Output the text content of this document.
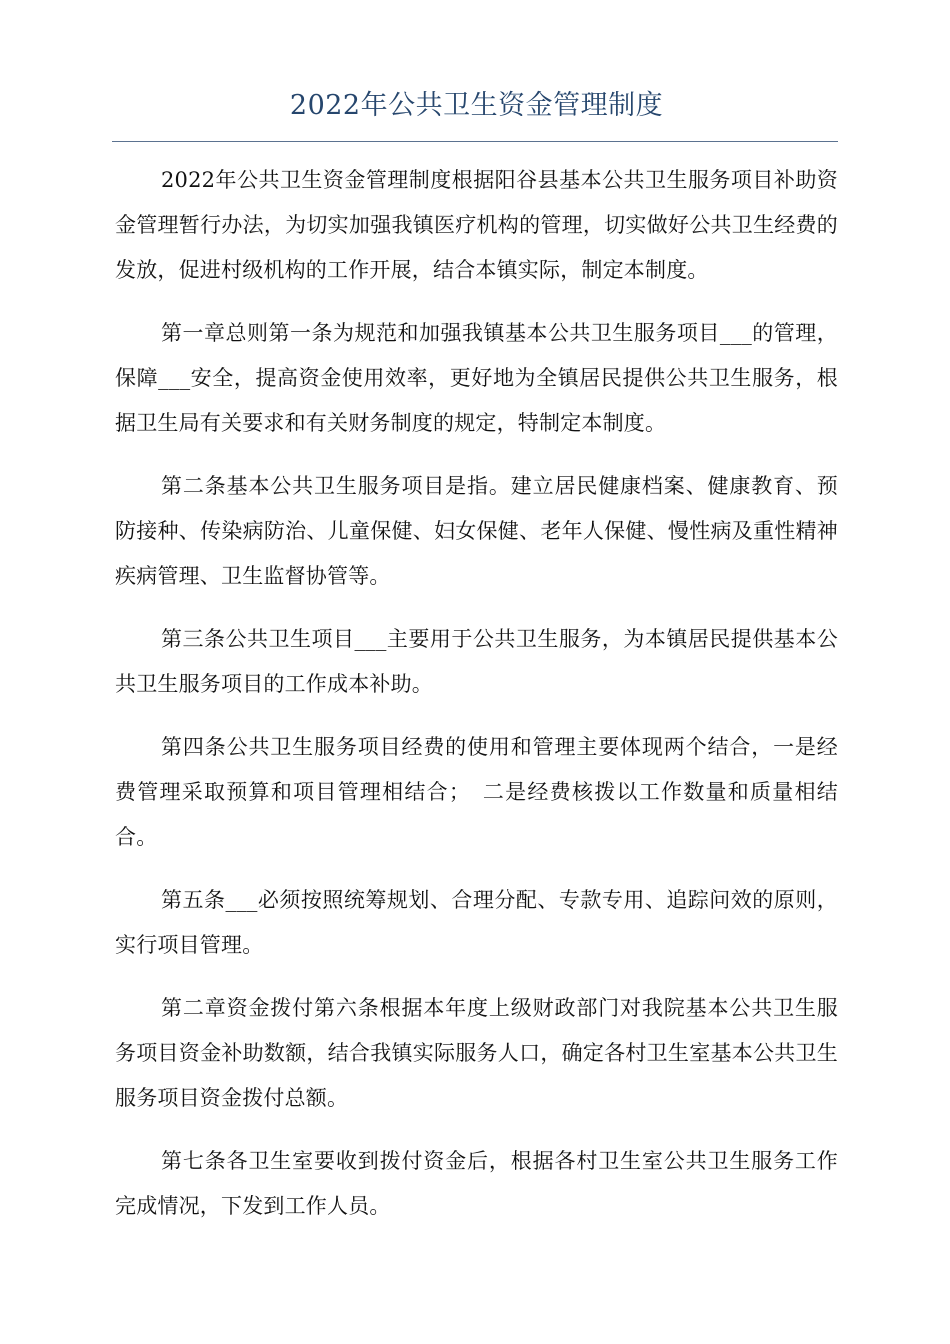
2022年公共卫生资金管理制度

2022年公共卫生资金管理制度根据阳谷县基本公共卫生服务项目补助资金管理暂行办法，为切实加强我镇医疗机构的管理，切实做好公共卫生经费的发放，促进村级机构的工作开展，结合本镇实际，制定本制度。

第一章总则第一条为规范和加强我镇基本公共卫生服务项目___的管理，保障___安全，提高资金使用效率，更好地为全镇居民提供公共卫生服务，根据卫生局有关要求和有关财务制度的规定，特制定本制度。

第二条基本公共卫生服务项目是指。建立居民健康档案、健康教育、预防接种、传染病防治、儿童保健、妇女保健、老年人保健、慢性病及重性精神疾病管理、卫生监督协管等。

第三条公共卫生项目___主要用于公共卫生服务，为本镇居民提供基本公共卫生服务项目的工作成本补助。

第四条公共卫生服务项目经费的使用和管理主要体现两个结合，一是经费管理采取预算和项目管理相结合；　二是经费核拨以工作数量和质量相结合。

第五条___必须按照统筹规划、合理分配、专款专用、追踪问效的原则，实行项目管理。

第二章资金拨付第六条根据本年度上级财政部门对我院基本公共卫生服务项目资金补助数额，结合我镇实际服务人口，确定各村卫生室基本公共卫生服务项目资金拨付总额。

第七条各卫生室要收到拨付资金后，根据各村卫生室公共卫生服务工作完成情况，下发到工作人员。
